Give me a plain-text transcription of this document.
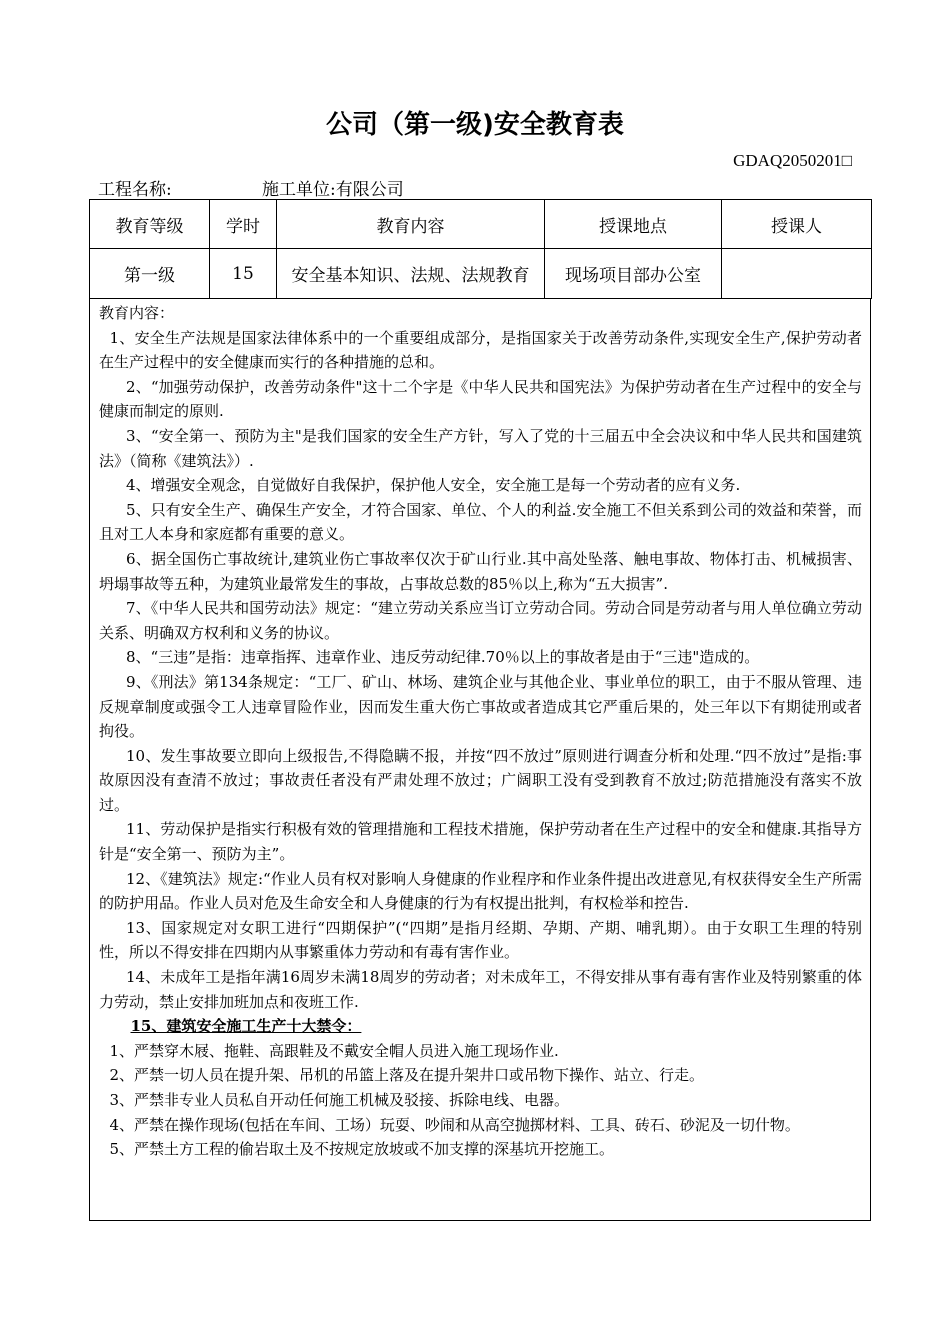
公司（第一级)安全教育表
GDAQ2050201□
工程名称:	施工单位:有限公司
教育等级	学时	教育内容	授课地点	授课人
第一级	15	安全基本知识、法规、法规教育	现场项目部办公室	

教育内容：

1、安全生产法规是国家法律体系中的一个重要组成部分，是指国家关于改善劳动条件,实现安全生产,保护劳动者在生产过程中的安全健康而实行的各种措施的总和。

2、“加强劳动保护，改善劳动条件"这十二个字是《中华人民共和国宪法》为保护劳动者在生产过程中的安全与健康而制定的原则.

3、“安全第一、预防为主"是我们国家的安全生产方针，写入了党的十三届五中全会决议和中华人民共和国建筑法》（简称《建筑法》）.

4、增强安全观念，自觉做好自我保护，保护他人安全，安全施工是每一个劳动者的应有义务.

5、只有安全生产、确保生产安全，才符合国家、单位、个人的利益.安全施工不但关系到公司的效益和荣誉，而且对工人本身和家庭都有重要的意义。

6、据全国伤亡事故统计,建筑业伤亡事故率仅次于矿山行业.其中高处坠落、触电事故、物体打击、机械损害、坍塌事故等五种，为建筑业最常发生的事故，占事故总数的85％以上,称为“五大损害”.

7、《中华人民共和国劳动法》规定：“建立劳动关系应当订立劳动合同。劳动合同是劳动者与用人单位确立劳动关系、明确双方权利和义务的协议。

8、“三违”是指：违章指挥、违章作业、违反劳动纪律.70％以上的事故者是由于“三违"造成的。

9、《刑法》第134条规定：“工厂、矿山、林场、建筑企业与其他企业、事业单位的职工，由于不服从管理、违反规章制度或强令工人违章冒险作业，因而发生重大伤亡事故或者造成其它严重后果的，处三年以下有期徒刑或者拘役。

10、发生事故要立即向上级报告,不得隐瞒不报，并按“四不放过”原则进行调查分析和处理.“四不放过”是指:事故原因没有查清不放过；事故责任者没有严肃处理不放过；广阔职工没有受到教育不放过;防范措施没有落实不放过。

11、劳动保护是指实行积极有效的管理措施和工程技术措施，保护劳动者在生产过程中的安全和健康.其指导方针是“安全第一、预防为主”。

12、《建筑法》规定:“作业人员有权对影响人身健康的作业程序和作业条件提出改进意见,有权获得安全生产所需的防护用品。作业人员对危及生命安全和人身健康的行为有权提出批判，有权检举和控告.

13、国家规定对女职工进行“四期保护”(“四期”是指月经期、孕期、产期、哺乳期）。由于女职工生理的特别性，所以不得安排在四期内从事繁重体力劳动和有毒有害作业。

14、未成年工是指年满16周岁未满18周岁的劳动者；对未成年工，不得安排从事有毒有害作业及特别繁重的体力劳动，禁止安排加班加点和夜班工作.

15、建筑安全施工生产十大禁令：

1、严禁穿木屐、拖鞋、高跟鞋及不戴安全帽人员进入施工现场作业.

2、严禁一切人员在提升架、吊机的吊篮上落及在提升架井口或吊物下操作、站立、行走。

3、严禁非专业人员私自开动任何施工机械及驳接、拆除电线、电器。

4、严禁在操作现场(包括在车间、工场）玩耍、吵闹和从高空抛掷材料、工具、砖石、砂泥及一切什物。

5、严禁土方工程的偷岩取土及不按规定放坡或不加支撑的深基坑开挖施工。
